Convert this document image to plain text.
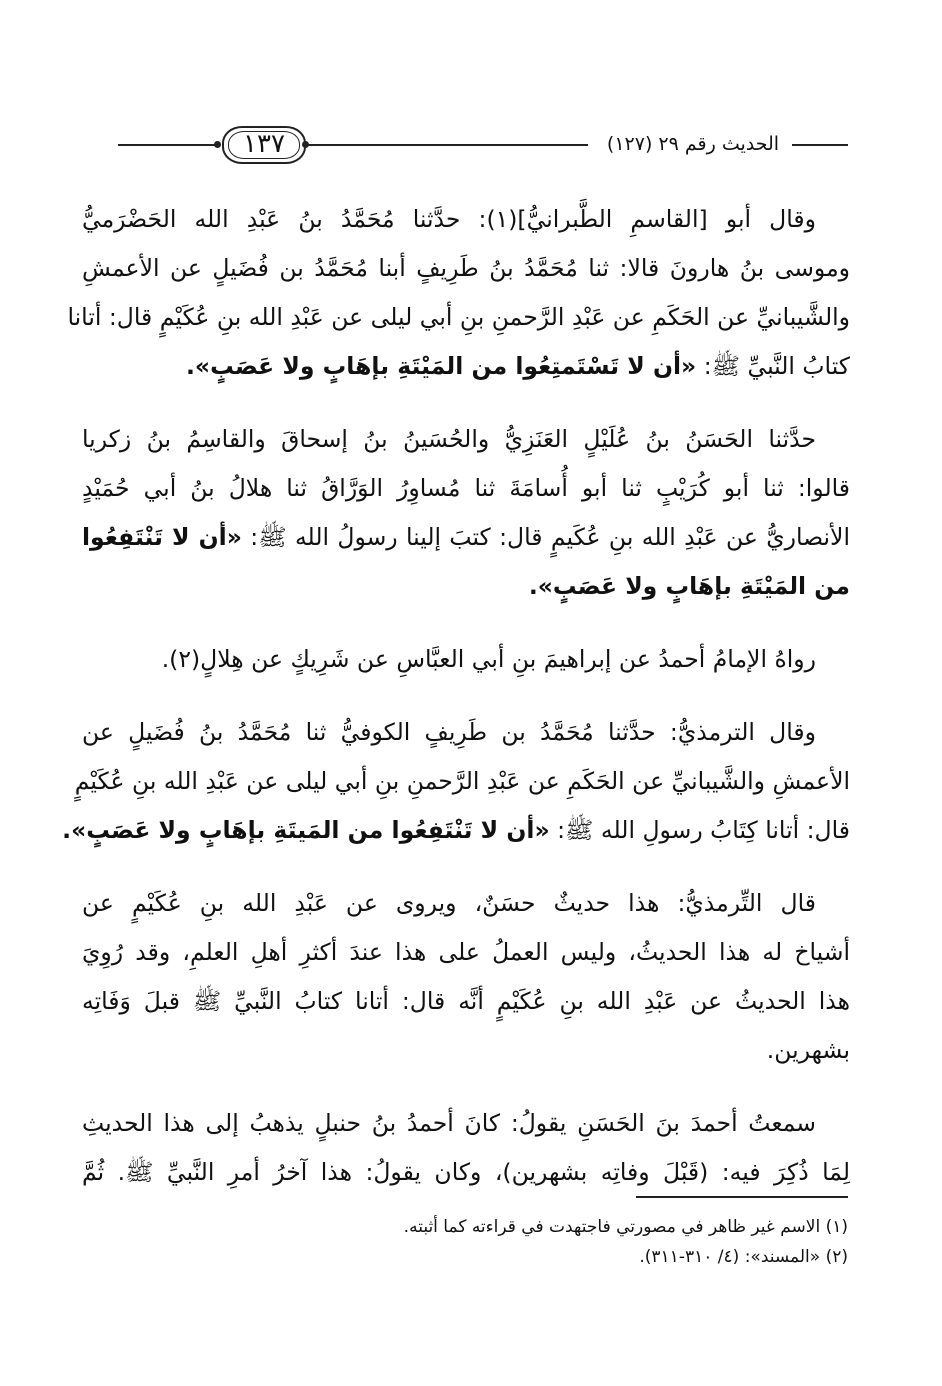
١٣٧	الحديث رقم ٢٩ (١٢٧)

وقال أبو [القاسمِ الطَّبرانيُّ](١): حدَّثنا مُحَمَّدُ بنُ عَبْدِ الله الحَضْرَميُّ
وموسى بنُ هارونَ قالا: ثنا مُحَمَّدُ بنُ طَرِيفٍ أبنا مُحَمَّدُ بن فُضَيلٍ عن الأعمشِ
والشَّيبانيِّ عن الحَكَمِ عن عَبْدِ الرَّحمنِ بنِ أبي ليلى عن عَبْدِ الله بنِ عُكَيْمٍ قال: أتانا
كتابُ النَّبيِّ ﷺ: «أن لا تَسْتَمتِعُوا من المَيْتَةِ بإهَابٍ ولا عَصَبٍ».

حدَّثنا الحَسَنُ بنُ عُلَيْلٍ العَنَزِيُّ والحُسَينُ بنُ إسحاقَ والقاسِمُ بنُ زكريا
قالوا: ثنا أبو كُرَيْبٍ ثنا أبو أُسامَةَ ثنا مُساوِرُ الوَرَّاقُ ثنا هلالُ بنُ أبي حُمَيْدٍ
الأنصاريُّ عن عَبْدِ الله بنِ عُكَيمٍ قال: كتبَ إلينا رسولُ الله ﷺ: «أن لا تَنْتَفِعُوا
من المَيْتَةِ بإهَابٍ ولا عَصَبٍ».

رواهُ الإمامُ أحمدُ عن إبراهيمَ بنِ أبي العبَّاسِ عن شَرِيكٍ عن هِلالٍ(٢).

وقال الترمذيُّ: حدَّثنا مُحَمَّدُ بن طَرِيفٍ الكوفيُّ ثنا مُحَمَّدُ بنُ فُضَيلٍ عن
الأعمشِ والشَّيبانيِّ عن الحَكَمِ عن عَبْدِ الرَّحمنِ بنِ أبي ليلى عن عَبْدِ الله بنِ عُكَيْمٍ
قال: أتانا كِتَابُ رسولِ الله ﷺ: «أن لا تَنْتَفِعُوا من المَيتَةِ بإهَابٍ ولا عَصَبٍ».

قال التِّرمذيُّ: هذا حديثٌ حسَنٌ، ويروى عن عَبْدِ الله بنِ عُكَيْمٍ عن
أشياخ له هذا الحديثُ، وليس العملُ على هذا عندَ أكثرِ أهلِ العلمِ، وقد رُوِيَ
هذا الحديثُ عن عَبْدِ الله بنِ عُكَيْمٍ أنَّه قال: أتانا كتابُ النَّبيِّ ﷺ قبلَ وَفَاتِه
بشهرين.

سمعتُ أحمدَ بنَ الحَسَنِ يقولُ: كانَ أحمدُ بنُ حنبلٍ يذهبُ إلى هذا الحديثِ
لِمَا ذُكِرَ فيه: (قَبْلَ وفاتِه بشهرين)، وكان يقولُ: هذا آخرُ أمرِ النَّبيِّ ﷺ. ثُمَّ

(١) الاسم غير ظاهر في مصورتي فاجتهدت في قراءته كما أثبته.
(٢) «المسند»: (٤/ ٣١٠-٣١١).
